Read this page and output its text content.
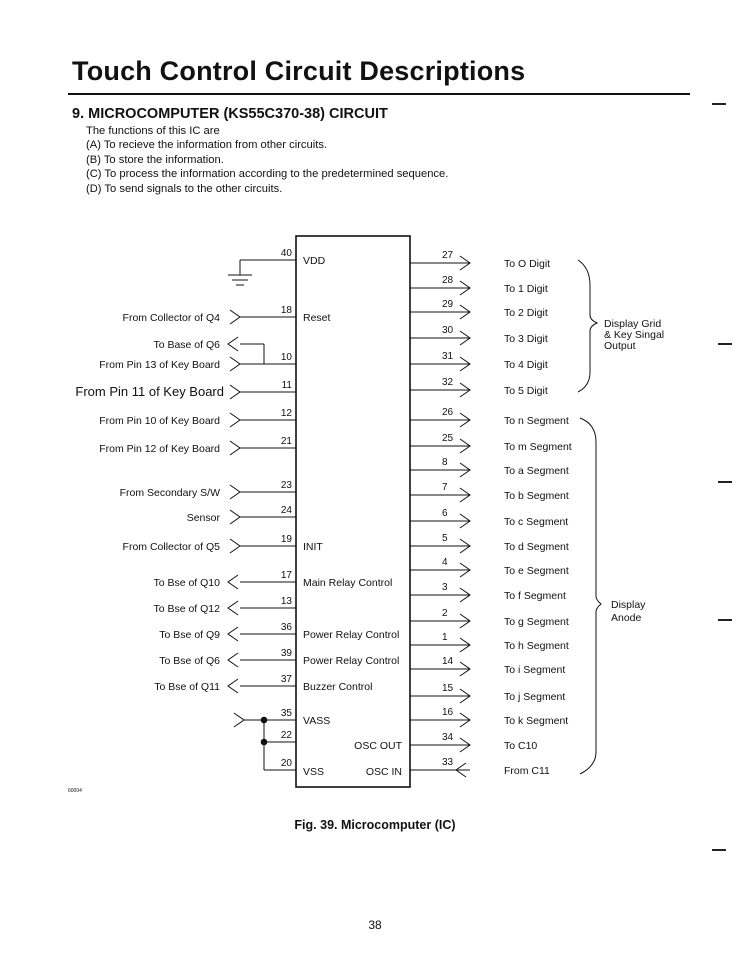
Touch Control Circuit Descriptions
9. MICROCOMPUTER (KS55C370-38) CIRCUIT
The functions of this IC are
(A) To recieve the information from other circuits.
(B) To store the information.
(C) To process the information according to the predetermined sequence.
(D) To send signals to the other circuits.
40
From Collector of Q4
18
To Base of Q6
From Pin 13 of Key Board
10
From Pin 11 of Key Board	11
From Pin 10 of Key Board
12
From Pin 12 of Key Board
21
From Secondary S/W
23
Sensor
24
From Collector of Q5
19
To Bse of Q10
17
To Bse of Q12
13
To Bse of Q9
36
To Bse of Q6
39
To Bse of Q11
37
35
22
20
27
To O Digit
28
To 1 Digit
29
To 2 Digit
30
To 3 Digit
31
To 4 Digit
32
To 5 Digit
26
To n Segment
25
To m Segment
8
To a Segment
7
To b Segment
6
To c Segment
5
To d Segment
4
To e Segment
3
To f Segment
2
To g Segment
1
To h Segment
14
To i Segment
15
To j Segment
16
To k Segment
34
To C10
33
From C11
VDD
Reset
INIT
Main Relay Control
Power Relay Control
Power Relay Control
Buzzer Control
VASS
VSS
OSC OUT
OSC IN
Display Grid
& Key Singal
Output
Display
Anode
60004
Fig. 39. Microcomputer (IC)
38
